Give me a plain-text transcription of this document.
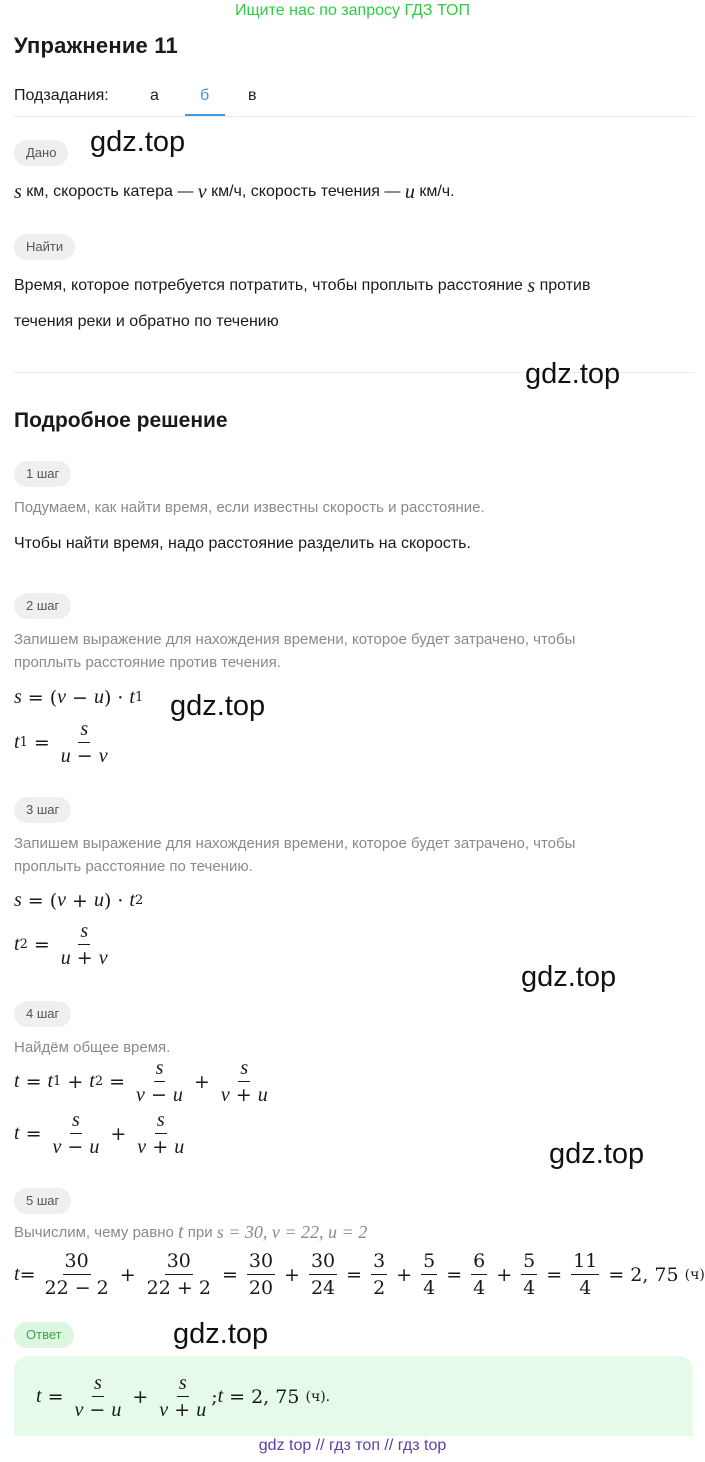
Ищите нас по запросу ГДЗ ТОП
Упражнение 11
Подзадания:	а	б в
Дано	gdz.top
s
км, скорость катера —
v
км/ч, скорость течения —
u
км/ч.
Найти
Время, которое потребуется потратить, чтобы проплыть расстояние
s
против
течения реки и обратно по течению
gdz.top
Подробное решение
1 шаг
Подумаем, как найти время, если известны скорость и расстояние.
Чтобы найти время, надо расстояние разделить на скорость.
2 шаг
Запишем выражение для нахождения времени, которое будет затрачено, чтобы
проплыть расстояние против течения.
s = ( v − u ) · t 1 gdz.top
t $1 = \frac{s}{u - v}$
3 шаг
Запишем выражение для нахождения времени, которое будет затрачено, чтобы
проплыть расстояние по течению.
s = ( v + u ) · t 2
t $2 = \frac{s}{u + v}$
gdz.top
4 шаг
Найдём общее время.
t = t 1 + t $2 = \frac{s}{v - u} + \frac{s}{v + u}$
$t = \frac{s}{v - u} + \frac{s}{v + u}$	gdz.top
5 шаг
Вычислим, чему равно
t
при
s = 30, v = 22, u = 2
$t = \frac{30}{22 - 2} + \frac{30}{22 + 2} = \frac{30}{20} + \frac{30}{24} = \frac{3}{2} + \frac{5}{4} = \frac{6}{4} + \frac{5}{4} = \frac{11}{4} = 2$, 75
(ч)
Ответ	gdz.top
$t = \frac{s}{v - u} + \frac{s}{v + u}$ ; t = 2, 75
(ч).
gdz top // гдз топ // гдз top
